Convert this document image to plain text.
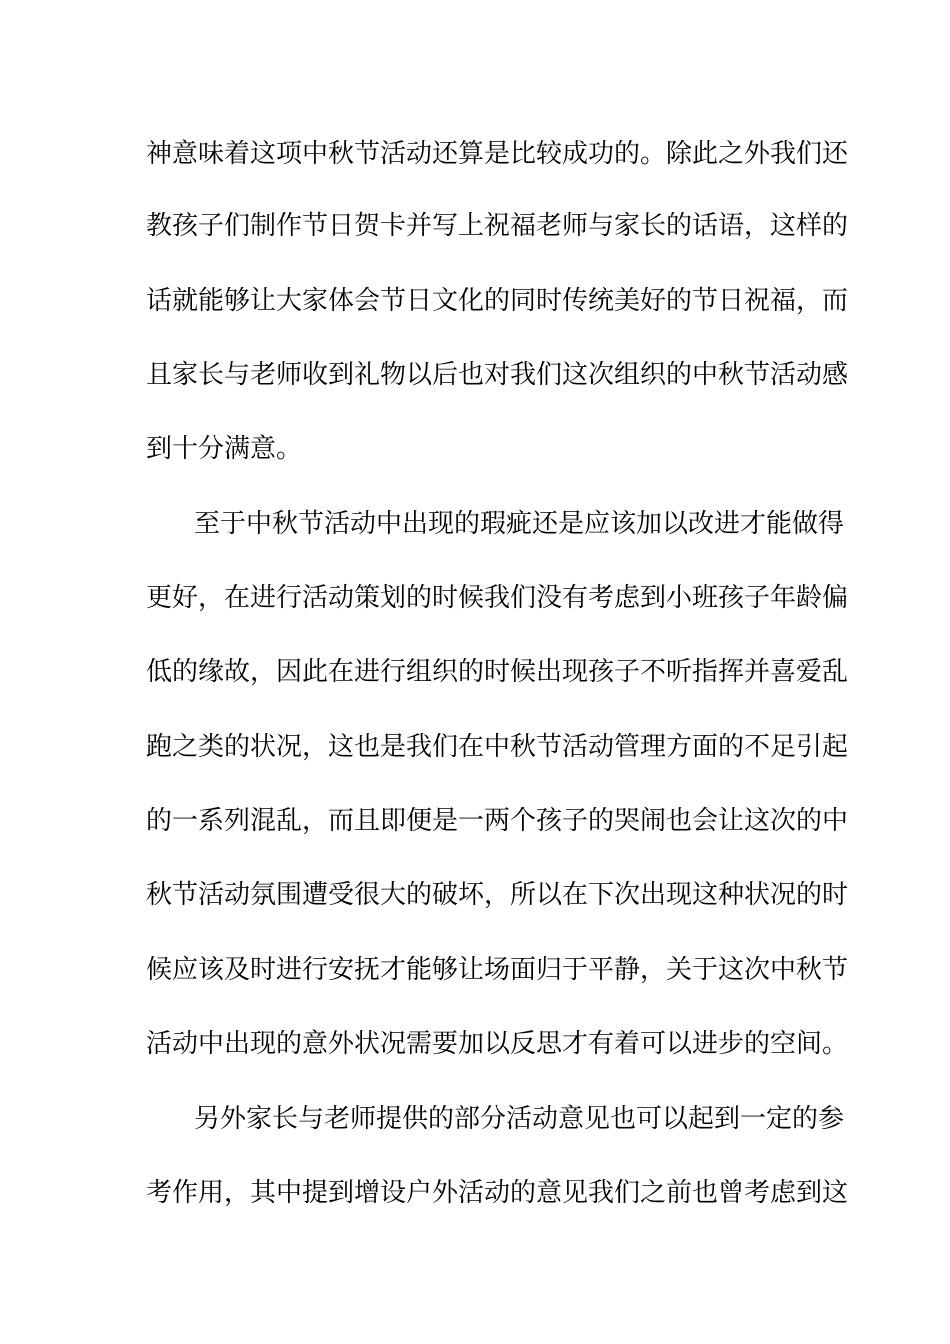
神意味着这项中秋节活动还算是比较成功的。除此之外我们还
教孩子们制作节日贺卡并写上祝福老师与家长的话语，这样的
话就能够让大家体会节日文化的同时传统美好的节日祝福，而
且家长与老师收到礼物以后也对我们这次组织的中秋节活动感
到十分满意。
至于中秋节活动中出现的瑕疵还是应该加以改进才能做得
更好，在进行活动策划的时候我们没有考虑到小班孩子年龄偏
低的缘故，因此在进行组织的时候出现孩子不听指挥并喜爱乱
跑之类的状况，这也是我们在中秋节活动管理方面的不足引起
的一系列混乱，而且即便是一两个孩子的哭闹也会让这次的中
秋节活动氛围遭受很大的破坏，所以在下次出现这种状况的时
候应该及时进行安抚才能够让场面归于平静，关于这次中秋节
活动中出现的意外状况需要加以反思才有着可以进步的空间。
另外家长与老师提供的部分活动意见也可以起到一定的参
考作用，其中提到增设户外活动的意见我们之前也曾考虑到这
